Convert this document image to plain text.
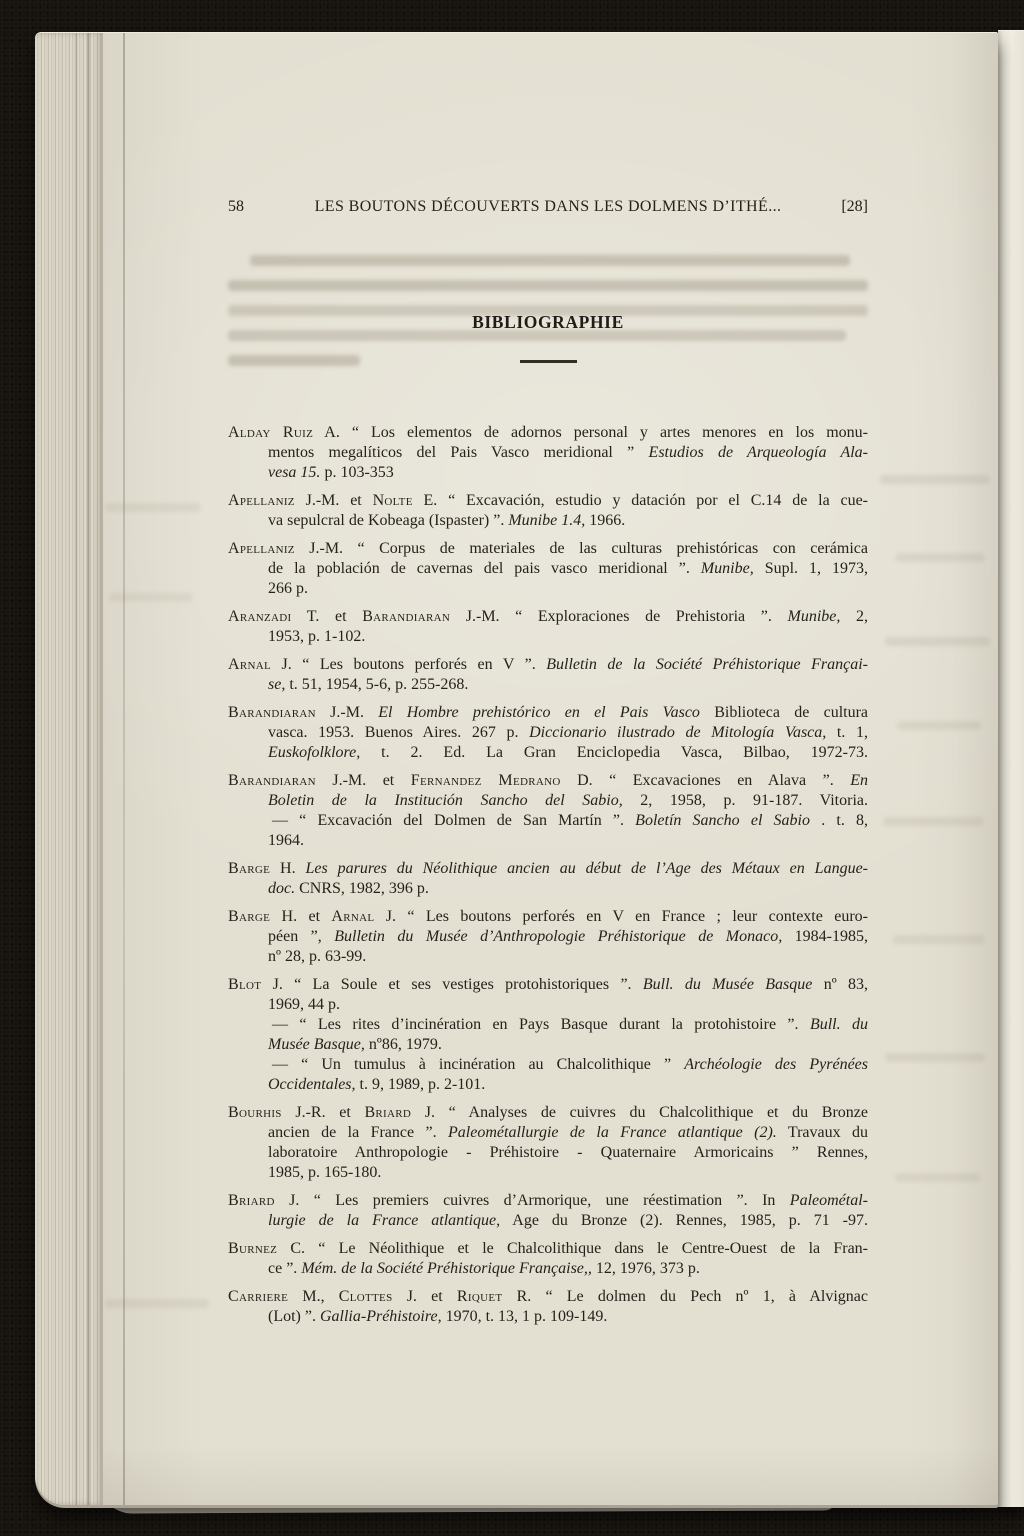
58	LES BOUTONS DÉCOUVERTS DANS LES DOLMENS D’ITHÉ...	[28]
BIBLIOGRAPHIE
Alday Ruiz A. “ Los elementos de adornos personal y artes menores en los monu-
mentos megalíticos del Pais Vasco meridional ” Estudios de Arqueología Ala-
vesa 15. p. 103-353
Apellaniz J.-M. et Nolte E. “ Excavación, estudio y datación por el C.14 de la cue-
va sepulcral de Kobeaga (Ispaster) ”. Munibe 1.4, 1966.
Apellaniz J.-M. “ Corpus de materiales de las culturas prehistóricas con cerámica
de la población de cavernas del pais vasco meridional ”. Munibe, Supl. 1, 1973,
266 p.
Aranzadi T. et Barandiaran J.-M. “ Exploraciones de Prehistoria ”. Munibe, 2,
1953, p. 1-102.
Arnal J. “ Les boutons perforés en V ”. Bulletin de la Société Préhistorique Françai-
se, t. 51, 1954, 5-6, p. 255-268.
Barandiaran J.-M. El Hombre prehistórico en el Pais Vasco Biblioteca de cultura
vasca. 1953. Buenos Aires. 267 p. Diccionario ilustrado de Mitología Vasca, t. 1,
Euskofolklore, t. 2. Ed. La Gran Enciclopedia Vasca, Bilbao, 1972-73.
Barandiaran J.-M. et Fernandez Medrano D. “ Excavaciones en Alava ”. En
Boletin de la Institución Sancho del Sabio, 2, 1958, p. 91-187. Vitoria.
— “ Excavación del Dolmen de San Martín ”. Boletín Sancho el Sabio . t. 8,
1964.
Barge H. Les parures du Néolithique ancien au début de l’Age des Métaux en Langue-
doc. CNRS, 1982, 396 p.
Barge H. et Arnal J. “ Les boutons perforés en V en France ; leur contexte euro-
péen ”, Bulletin du Musée d’Anthropologie Préhistorique de Monaco, 1984-1985,
nº 28, p. 63-99.
Blot J. “ La Soule et ses vestiges protohistoriques ”. Bull. du Musée Basque nº 83,
1969, 44 p.
— “ Les rites d’incinération en Pays Basque durant la protohistoire ”. Bull. du
Musée Basque, nº86, 1979.
— “ Un tumulus à incinération au Chalcolithique ” Archéologie des Pyrénées
Occidentales, t. 9, 1989, p. 2-101.
Bourhis J.-R. et Briard J. “ Analyses de cuivres du Chalcolithique et du Bronze
ancien de la France ”. Paleométallurgie de la France atlantique (2). Travaux du
laboratoire Anthropologie - Préhistoire - Quaternaire Armoricains ” Rennes,
1985, p. 165-180.
Briard J. “ Les premiers cuivres d’Armorique, une réestimation ”. In Paleométal-
lurgie de la France atlantique, Age du Bronze (2). Rennes, 1985, p. 71 -97.
Burnez C. “ Le Néolithique et le Chalcolithique dans le Centre-Ouest de la Fran-
ce ”. Mém. de la Société Préhistorique Française,, 12, 1976, 373 p.
Carriere M., Clottes J. et Riquet R. “ Le dolmen du Pech nº 1, à Alvignac
(Lot) ”. Gallia-Préhistoire, 1970, t. 13, 1 p. 109-149.
